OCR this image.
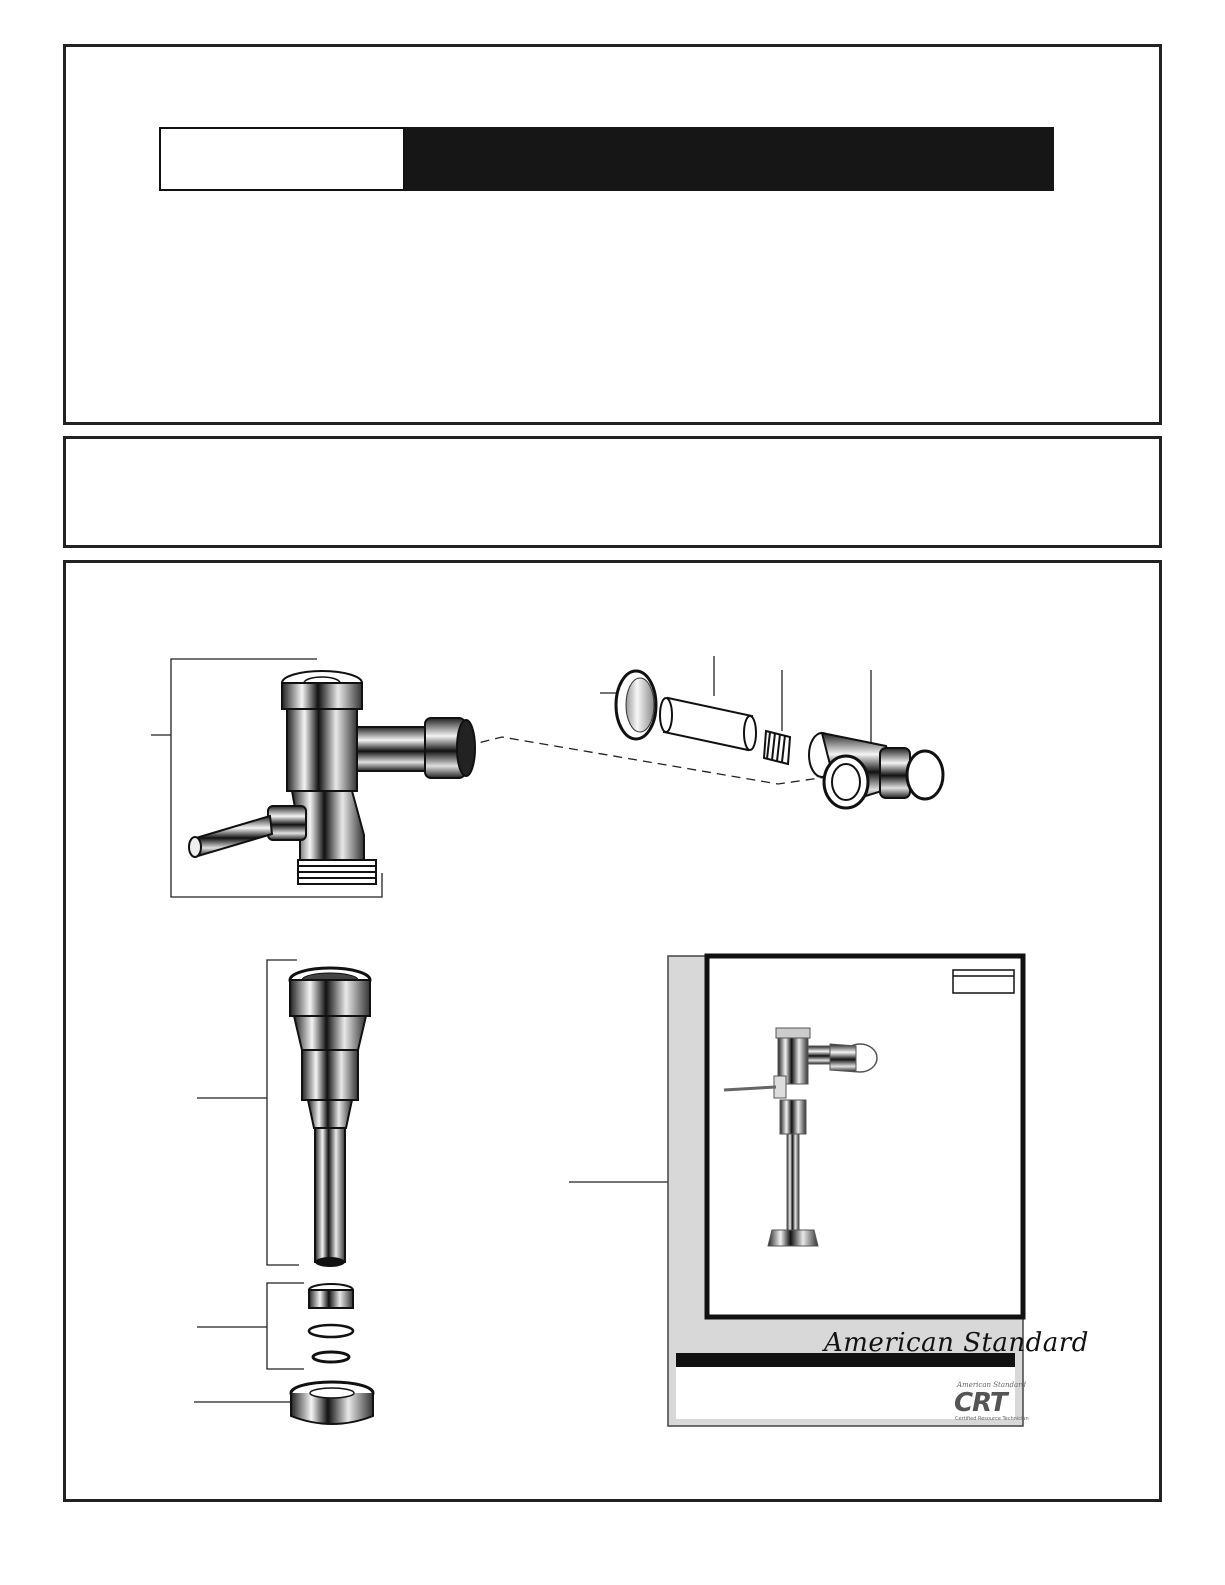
American Standard
American Standard
CRT
Certified Resource Technician
